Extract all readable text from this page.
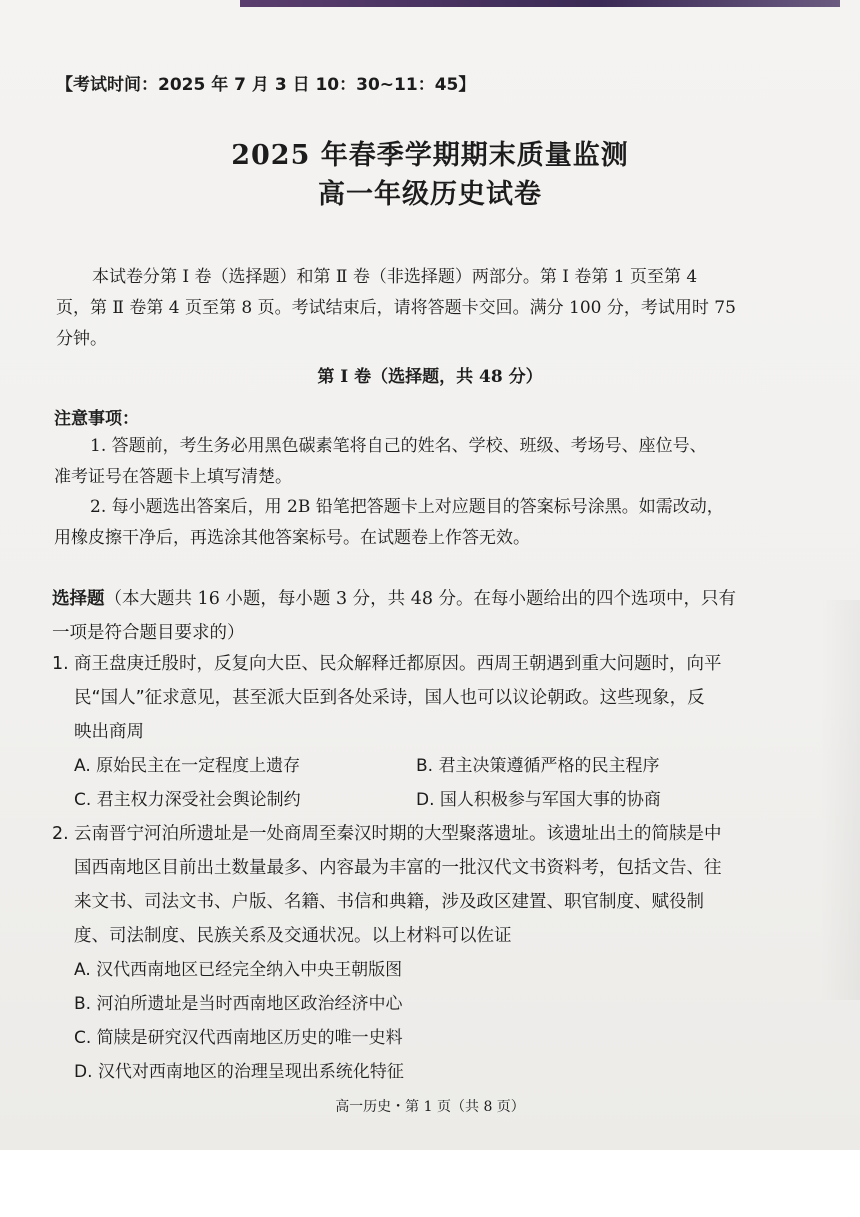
【考试时间：2025 年 7 月 3 日 10：30~11：45】
2025 年春季学期期末质量监测
高一年级历史试卷
本试卷分第 Ⅰ 卷（选择题）和第 Ⅱ 卷（非选择题）两部分。第 Ⅰ 卷第 1 页至第 4
页，第 Ⅱ 卷第 4 页至第 8 页。考试结束后，请将答题卡交回。满分 100 分，考试用时 75
分钟。
第 Ⅰ 卷（选择题，共 48 分）
注意事项：
1. 答题前，考生务必用黑色碳素笔将自己的姓名、学校、班级、考场号、座位号、
准考证号在答题卡上填写清楚。
2. 每小题选出答案后，用 2B 铅笔把答题卡上对应题目的答案标号涂黑。如需改动，
用橡皮擦干净后，再选涂其他答案标号。在试题卷上作答无效。
选择题（本大题共 16 小题，每小题 3 分，共 48 分。在每小题给出的四个选项中，只有
一项是符合题目要求的）
1. 商王盘庚迁殷时，反复向大臣、民众解释迁都原因。西周王朝遇到重大问题时，向平
民“国人”征求意见，甚至派大臣到各处采诗，国人也可以议论朝政。这些现象，反
映出商周
A. 原始民主在一定程度上遗存	B. 君主决策遵循严格的民主程序
C. 君主权力深受社会舆论制约	D. 国人积极参与军国大事的协商
2. 云南晋宁河泊所遗址是一处商周至秦汉时期的大型聚落遗址。该遗址出土的简牍是中
国西南地区目前出土数量最多、内容最为丰富的一批汉代文书资料考，包括文告、往
来文书、司法文书、户版、名籍、书信和典籍，涉及政区建置、职官制度、赋役制
度、司法制度、民族关系及交通状况。以上材料可以佐证
A. 汉代西南地区已经完全纳入中央王朝版图
B. 河泊所遗址是当时西南地区政治经济中心
C. 简牍是研究汉代西南地区历史的唯一史料
D. 汉代对西南地区的治理呈现出系统化特征
高一历史・第 1 页（共 8 页）
